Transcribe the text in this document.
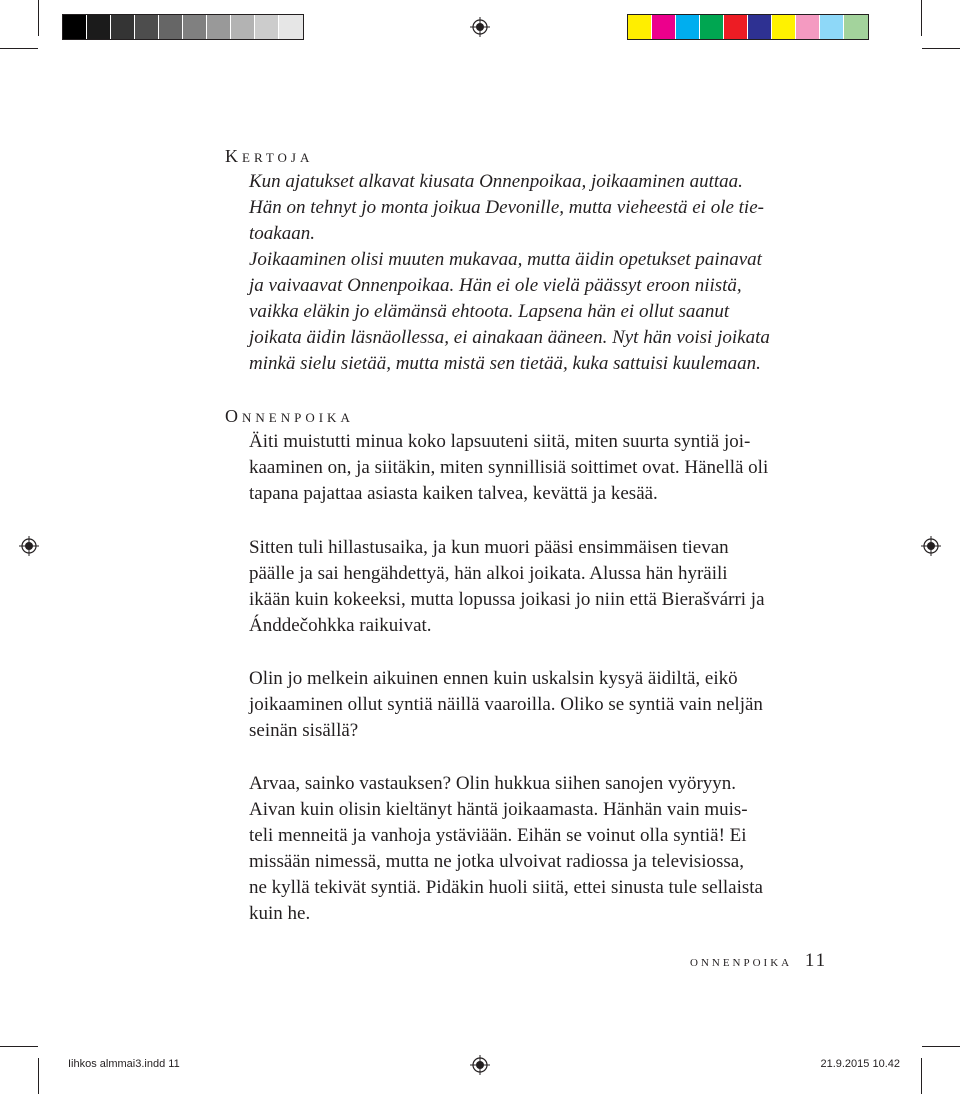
Kertoja
Kun ajatukset alkavat kiusata Onnenpoikaa, joikaaminen auttaa.
Hän on tehnyt jo monta joikua Devonille, mutta vieheestä ei ole tie-
toakaan.
Joikaaminen olisi muuten mukavaa, mutta äidin opetukset painavat
ja vaivaavat Onnenpoikaa. Hän ei ole vielä päässyt eroon niistä,
vaikka eläkin jo elämänsä ehtoota. Lapsena hän ei ollut saanut
joikata äidin läsnäollessa, ei ainakaan ääneen. Nyt hän voisi joikata
minkä sielu sietää, mutta mistä sen tietää, kuka sattuisi kuulemaan.
Onnenpoika
Äiti muistutti minua koko lapsuuteni siitä, miten suurta syntiä joi-
kaaminen on, ja siitäkin, miten synnillisiä soittimet ovat. Hänellä oli
tapana pajattaa asiasta kaiken talvea, kevättä ja kesää.
Sitten tuli hillastusaika, ja kun muori pääsi ensimmäisen tievan
päälle ja sai hengähdettyä, hän alkoi joikata. Alussa hän hyräili
ikään kuin kokeeksi, mutta lopussa joikasi jo niin että Bierašvárri ja
Ánddečohkka raikuivat.
Olin jo melkein aikuinen ennen kuin uskalsin kysyä äidiltä, eikö
joikaaminen ollut syntiä näillä vaaroilla. Oliko se syntiä vain neljän
seinän sisällä?
Arvaa, sainko vastauksen? Olin hukkua siihen sanojen vyöryyn.
Aivan kuin olisin kieltänyt häntä joikaamasta. Hänhän vain muis-
teli menneitä ja vanhoja ystäviään. Eihän se voinut olla syntiä! Ei
missään nimessä, mutta ne jotka ulvoivat radiossa ja televisiossa,
ne kyllä tekivät syntiä. Pidäkin huoli siitä, ettei sinusta tule sellaista
kuin he.
onnenpoika 11
Iihkos almmai3.indd 11	21.9.2015 10.42
